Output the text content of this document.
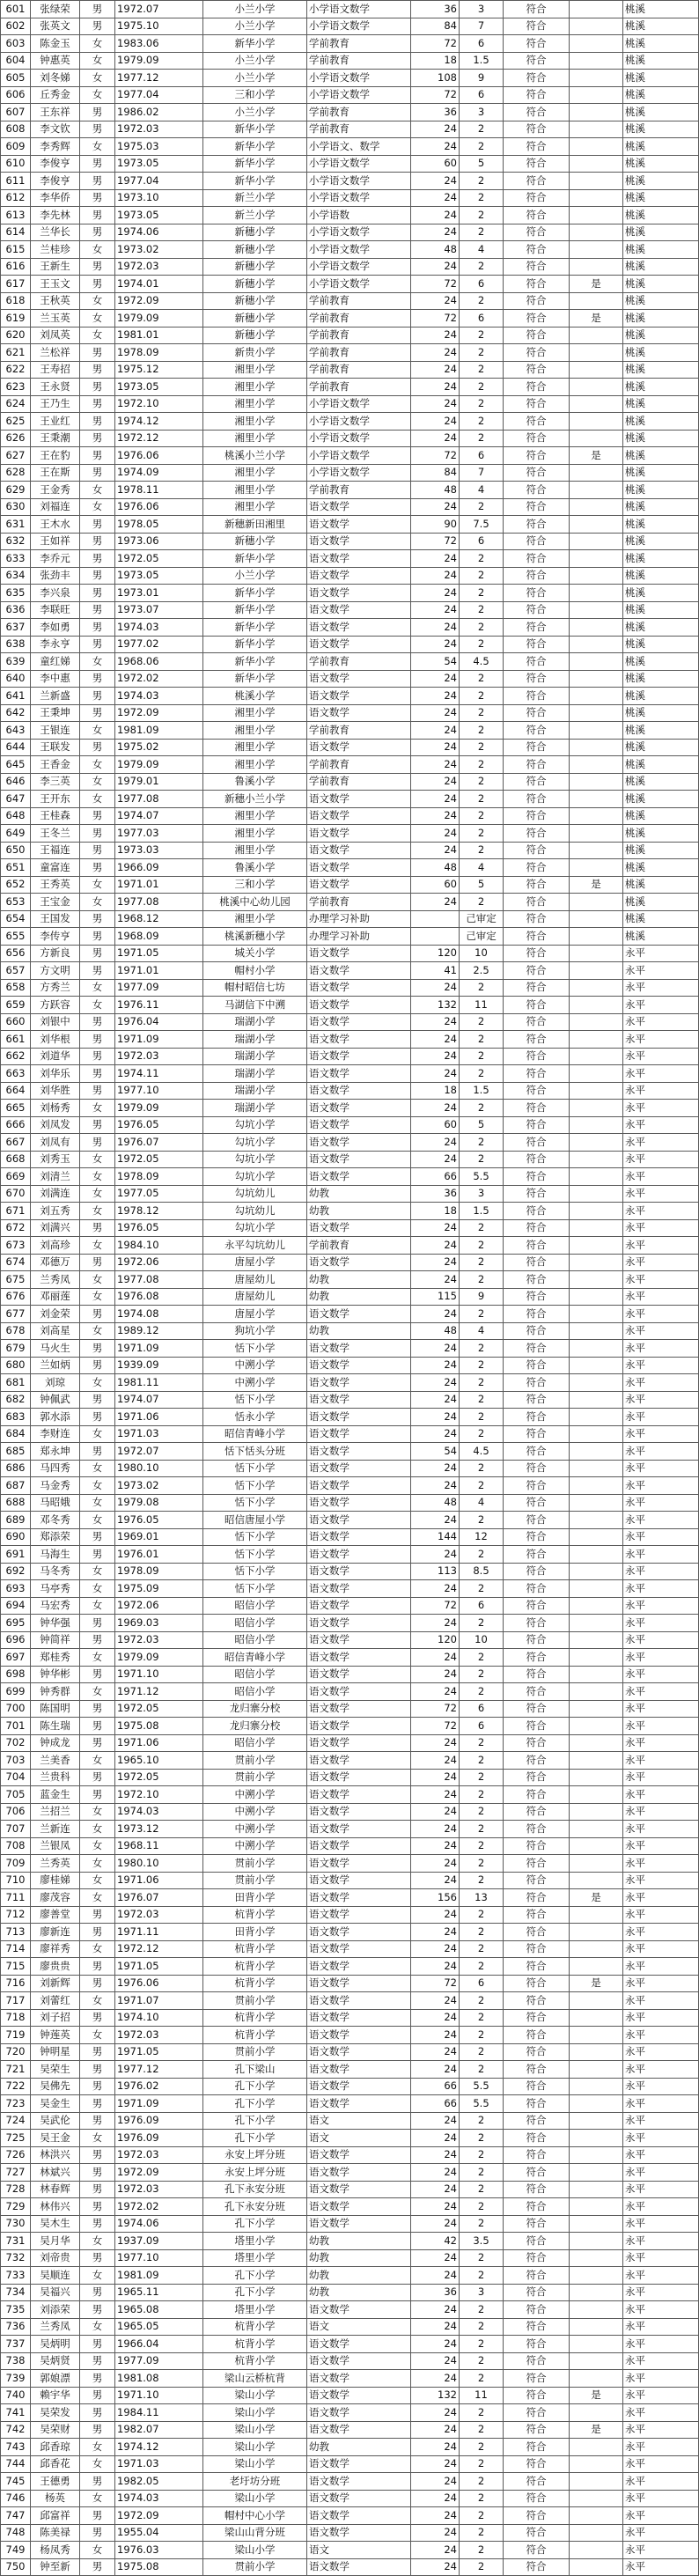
601	张绿荣	男	1972.07	小兰小学	小学语文数学	36	3	符合		桃溪
602	张英文	男	1975.10	小兰小学	小学语文数学	84	7	符合		桃溪
603	陈金玉	女	1983.06	新华小学	学前教育	72	6	符合		桃溪
604	钟惠英	女	1979.09	小兰小学	学前教育	18	1.5	符合		桃溪
605	刘冬娣	女	1977.12	小兰小学	小学语文数学	108	9	符合		桃溪
606	丘秀金	女	1977.04	三和小学	小学语文数学	72	6	符合		桃溪
607	王东祥	男	1986.02	小兰小学	学前教育	36	3	符合		桃溪
608	李文钦	男	1972.03	新华小学	学前教育	24	2	符合		桃溪
609	李秀辉	女	1975.03	新华小学	小学语文、数学	24	2	符合		桃溪
610	李俊亨	男	1973.05	新华小学	小学语文数学	60	5	符合		桃溪
611	李俊亨	男	1977.04	新华小学	小学语文数学	24	2	符合		桃溪
612	李华侨	男	1973.10	新兰小学	小学语文数学	24	2	符合		桃溪
613	李先林	男	1973.05	新兰小学	小学语数	24	2	符合		桃溪
614	兰华长	男	1974.06	新穗小学	小学语文数学	24	2	符合		桃溪
615	兰桂珍	女	1973.02	新穗小学	小学语文数学	48	4	符合		桃溪
616	王新生	男	1972.03	新穗小学	小学语文数学	24	2	符合		桃溪
617	王玉文	男	1974.01	新穗小学	小学语文数学	72	6	符合	是	桃溪
618	王秋英	女	1972.09	新穗小学	学前教育	24	2	符合		桃溪
619	兰玉英	女	1979.09	新穗小学	学前教育	72	6	符合	是	桃溪
620	刘凤英	女	1981.01	新穗小学	学前教育	24	2	符合		桃溪
621	兰松祥	男	1978.09	新贵小学	学前教育	24	2	符合		桃溪
622	王寿招	男	1975.12	湘里小学	学前教育	24	2	符合		桃溪
623	王永贤	男	1973.05	湘里小学	学前教育	24	2	符合		桃溪
624	王乃生	男	1972.10	湘里小学	小学语文数学	24	2	符合		桃溪
625	王业红	男	1974.12	湘里小学	小学语文数学	24	2	符合		桃溪
626	王秉潮	男	1972.12	湘里小学	小学语文数学	24	2	符合		桃溪
627	王在豹	男	1976.06	桃溪小兰小学	小学语文数学	72	6	符合	是	桃溪
628	王在斯	男	1974.09	湘里小学	小学语文数学	84	7	符合		桃溪
629	王金秀	女	1978.11	湘里小学	学前教育	48	4	符合		桃溪
630	刘福连	女	1976.06	湘里小学	语文数学	24	2	符合		桃溪
631	王木水	男	1978.05	新穗新田湘里	语文数学	90	7.5	符合		桃溪
632	王如祥	男	1973.06	新穗小学	语文数学	72	6	符合		桃溪
633	李乔元	男	1972.05	新华小学	语文数学	24	2	符合		桃溪
634	张劲丰	男	1973.05	小兰小学	语文数学	24	2	符合		桃溪
635	李兴泉	男	1973.01	新华小学	语文数学	24	2	符合		桃溪
636	李联旺	男	1973.07	新华小学	语文数学	24	2	符合		桃溪
637	李如勇	男	1974.03	新华小学	语文数学	24	2	符合		桃溪
638	李永亨	男	1977.02	新华小学	语文数学	24	2	符合		桃溪
639	童红娣	女	1968.06	新华小学	学前教育	54	4.5	符合		桃溪
640	李中惠	男	1972.02	新华小学	语文数学	24	2	符合		桃溪
641	兰新盛	男	1974.03	桃溪小学	语文数学	24	2	符合		桃溪
642	王秉坤	男	1972.09	湘里小学	语文数学	24	2	符合		桃溪
643	王银连	女	1981.09	湘里小学	学前教育	24	2	符合		桃溪
644	王联发	男	1975.02	湘里小学	语文数学	24	2	符合		桃溪
645	王香金	女	1979.09	湘里小学	学前教育	24	2	符合		桃溪
646	李三英	女	1979.01	鲁溪小学	学前教育	24	2	符合		桃溪
647	王开东	女	1977.08	新穗小兰小学	语文数学	24	2	符合		桃溪
648	王桂森	男	1974.07	湘里小学	语文数学	24	2	符合		桃溪
649	王冬兰	男	1977.03	湘里小学	语文数学	24	2	符合		桃溪
650	王福连	男	1973.03	湘里小学	语文数学	24	2	符合		桃溪
651	童富连	男	1966.09	鲁溪小学	语文数学	48	4	符合		桃溪
652	王秀英	女	1971.01	三和小学	语文数学	60	5	符合	是	桃溪
653	王宝金	女	1977.08	桃溪中心幼儿园	学前教育	24	2	符合		桃溪
654	王国发	男	1968.12	湘里小学	办理学习补助		己审定	符合		桃溪
655	李传亨	男	1968.09	桃溪新穗小学	办理学习补助		己审定	符合		桃溪
656	方新良	男	1971.05	城关小学	语文数学	120	10	符合		永平
657	方文明	男	1971.01	帽村小学	语文数学	41	2.5	符合		永平
658	方秀兰	女	1977.09	帽村昭信七坊	语文数学	24	2	符合		永平
659	方跃容	女	1976.11	马湖信下中溯	语文数学	132	11	符合		永平
660	刘银中	男	1976.04	瑞湖小学	语文数学	24	2	符合		永平
661	刘华根	男	1971.09	瑞湖小学	语文数学	24	2	符合		永平
662	刘道华	男	1972.03	瑞湖小学	语文数学	24	2	符合		永平
663	刘华乐	男	1974.11	瑞湖小学	语文数学	24	2	符合		永平
664	刘华胜	男	1977.10	瑞湖小学	语文数学	18	1.5	符合		永平
665	刘杨秀	女	1979.09	瑞湖小学	语文数学	24	2	符合		永平
666	刘凤发	男	1976.05	勾坑小学	语文数学	60	5	符合		永平
667	刘凤有	男	1976.07	勾坑小学	语文数学	24	2	符合		永平
668	刘秀玉	女	1972.05	勾坑小学	语文数学	24	2	符合		永平
669	刘清兰	女	1978.09	勾坑小学	语文数学	66	5.5	符合		永平
670	刘满连	女	1977.05	勾坑幼儿	幼教	36	3	符合		永平
671	刘五秀	女	1978.12	勾坑幼儿	幼教	18	1.5	符合		永平
672	刘满兴	男	1976.05	勾坑小学	语文数学	24	2	符合		永平
673	刘高珍	女	1984.10	永平勾坑幼儿	学前教育	24	2	符合		永平
674	邓德万	男	1972.06	唐屋小学	语文数学	24	2	符合		永平
675	兰秀凤	女	1977.08	唐屋幼儿	幼教	24	2	符合		永平
676	邓丽莲	女	1976.08	唐屋幼儿	幼教	115	9	符合		永平
677	刘金荣	男	1974.08	唐屋小学	语文数学	24	2	符合		永平
678	刘高星	女	1989.12	狗坑小学	幼教	48	4	符合		永平
679	马火生	男	1971.09	恬下小学	语文数学	24	2	符合		永平
680	兰如炳	男	1939.09	中溯小学	语文数学	24	2	符合		永平
681	刘琼	女	1981.11	中溯小学	语文数学	24	2	符合		永平
682	钟佩武	男	1974.07	恬下小学	语文数学	24	2	符合		永平
683	郭水添	男	1971.06	恬永小学	语文数学	24	2	符合		永平
684	李财连	女	1971.03	昭信青峰小学	语文数学	24	2	符合		永平
685	郑永坤	男	1972.07	恬下恬头分班	语文数学	54	4.5	符合		永平
686	马四秀	女	1980.10	恬下小学	语文数学	24	2	符合		永平
687	马金秀	女	1973.02	恬下小学	语文数学	24	2	符合		永平
688	马昭娥	女	1979.08	恬下小学	语文数学	48	4	符合		永平
689	邓冬秀	女	1976.05	昭信唐屋小学	语文数学	24	2	符合		永平
690	郑添荣	男	1969.01	恬下小学	语文数学	144	12	符合		永平
691	马海生	男	1976.01	恬下小学	语文数学	24	2	符合		永平
692	马冬秀	女	1978.09	恬下小学	语文数学	113	8.5	符合		永平
693	马亭秀	女	1975.09	恬下小学	语文数学	24	2	符合		永平
694	马宏秀	女	1972.06	昭信小学	语文数学	72	6	符合		永平
695	钟华强	男	1969.03	昭信小学	语文数学	24	2	符合		永平
696	钟简祥	男	1972.03	昭信小学	语文数学	120	10	符合		永平
697	郑桂秀	女	1979.09	昭信青峰小学	语文数学	24	2	符合		永平
698	钟华彬	男	1971.10	昭信小学	语文数学	24	2	符合		永平
699	钟秀群	女	1971.12	昭信小学	语文数学	24	2	符合		永平
700	陈国明	男	1972.05	龙归寨分校	语文数学	72	6	符合		永平
701	陈生瑞	男	1975.08	龙归寨分校	语文数学	72	6	符合		永平
702	钟成龙	男	1971.06	昭信小学	语文数学	24	2	符合		永平
703	兰美香	女	1965.10	贯前小学	语文数学	24	2	符合		永平
704	兰贵科	男	1972.05	贯前小学	语文数学	24	2	符合		永平
705	蓝金生	男	1972.10	中溯小学	语文数学	24	2	符合		永平
706	兰招兰	女	1974.03	中溯小学	语文数学	24	2	符合		永平
707	兰新连	女	1973.12	中溯小学	语文数学	24	2	符合		永平
708	兰银凤	女	1968.11	中溯小学	语文数学	24	2	符合		永平
709	兰秀英	女	1980.10	贯前小学	语文数学	24	2	符合		永平
710	廖桂娣	女	1971.06	贯前小学	语文数学	24	2	符合		永平
711	廖茂容	女	1976.07	田背小学	语文数学	156	13	符合	是	永平
712	廖善堂	男	1972.03	杭背小学	语文数学	24	2	符合		永平
713	廖新连	男	1971.11	田背小学	语文数学	24	2	符合		永平
714	廖祥秀	女	1972.12	杭背小学	语文数学	24	2	符合		永平
715	廖贵贵	男	1971.05	杭背小学	语文数学	24	2	符合		永平
716	刘新辉	男	1976.06	杭背小学	语文数学	72	6	符合	是	永平
717	刘蕾红	女	1971.07	贯前小学	语文数学	24	2	符合		永平
718	刘子招	男	1974.10	杭背小学	语文数学	24	2	符合		永平
719	钟莲英	女	1972.03	杭背小学	语文数学	24	2	符合		永平
720	钟明星	男	1971.05	贯前小学	语文数学	24	2	符合		永平
721	吴荣生	男	1977.12	孔下梁山	语文数学	24	2	符合		永平
722	吴佛先	男	1976.02	孔下小学	语文数学	66	5.5	符合		永平
723	吴金生	男	1971.09	孔下小学	语文数学	66	5.5	符合		永平
724	吴武伦	男	1976.09	孔下小学	语文	24	2	符合		永平
725	吴王金	女	1976.09	孔下小学	语文	24	2	符合		永平
726	林洪兴	男	1972.03	永安上坪分班	语文数学	24	2	符合		永平
727	林斌兴	男	1972.09	永安上坪分班	语文数学	24	2	符合		永平
728	林春辉	男	1972.03	孔下永安分班	语文数学	24	2	符合		永平
729	林伟兴	男	1972.02	孔下永安分班	语文数学	24	2	符合		永平
730	吴木生	男	1974.06	孔下小学	语文数学	24	2	符合		永平
731	吴月华	女	1937.09	塔里小学	幼教	42	3.5	符合		永平
732	刘帝贵	男	1977.10	塔里小学	幼教	24	2	符合		永平
733	吴顺连	女	1981.09	孔下小学	幼教	24	2	符合		永平
734	吴福兴	男	1965.11	孔下小学	幼教	36	3	符合		永平
735	刘添荣	男	1965.08	塔里小学	语文数学	24	2	符合		永平
736	兰秀凤	女	1965.05	杭背小学	语文	24	2	符合		永平
737	吴炳明	男	1966.04	杭背小学	语文数学	24	2	符合		永平
738	吴炳贤	男	1977.09	杭背小学	语文数学	24	2	符合		永平
739	郭娘漂	男	1981.08	梁山云桥杭背	语文数学	24	2	符合		永平
740	赖宇华	男	1971.10	梁山小学	语文数学	132	11	符合	是	永平
741	吴荣发	男	1984.11	梁山小学	语文数学	24	2	符合		永平
742	吴荣财	男	1982.07	梁山小学	语文数学	24	2	符合	是	永平
743	邱香琼	女	1974.12	梁山小学	幼教	24	2	符合		永平
744	邱香花	女	1971.03	梁山小学	语文数学	24	2	符合		永平
745	王德勇	男	1982.05	老圩坊分班	语文数学	24	2	符合		永平
746	杨英	女	1974.03	梁山小学	语文数学	24	2	符合		永平
747	邱富祥	男	1972.09	帽村中心小学	语文数学	24	2	符合		永平
748	陈美禄	男	1955.04	梁山山背分班	语文数学	24	2	符合		永平
749	杨凤秀	女	1976.03	梁山小学	语文	24	2	符合		永平
750	钟至新	男	1975.08	贯前小学	语文数学	24	2	符合		永平
